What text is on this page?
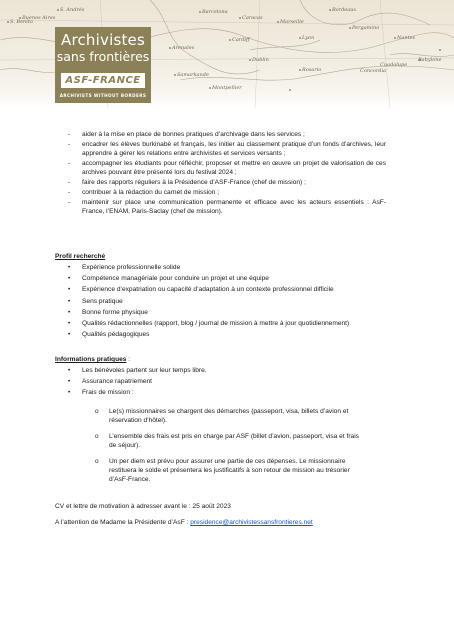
Buenos Aires
S. Andrés	Barcelona
Caracas
Marseille
Lyon
Bordeaux
Pergamino
Nantes
S. Benito
Arenales
Samarkande
Montpellier
Rosario
Cardiff
Dublin
Concordia
Cuadalupe
Babylone
Archivistes
sans frontières
ASF-FRANCE
ARCHIVISTS WITHOUT BORDERS
- aider à la mise en place de bonnes pratiques d’archivage dans les services ;
- encadrer les élèves burkinabè et français, les initier au classement pratique d’un fonds d’archives, leur apprendre à gérer les relations entre archivistes et services versants ;
- accompagner les étudiants pour réfléchir, proposer et mettre en œuvre un projet de valorisation de ces archives pouvant être présenté lors du festival 2024 ;
- faire des rapports réguliers à la Présidence d’ASF-France (chef de mission) ;
- contribuer à la rédaction du carnet de mission ;
- maintenir sur place une communication permanente et efficace avec les acteurs essentiels : AsF-France, l’ENAM, Paris-Saclay (chef de mission).
Profil recherché
• Expérience professionnelle solide
• Compétence managériale pour conduire un projet et une équipe
• Expérience d’expatriation ou capacité d’adaptation à un contexte professionnel difficile
• Sens pratique
• Bonne forme physique
• Qualités rédactionnelles (rapport, blog / journal de mission à mettre à jour quotidiennement)
• Qualités pédagogiques
Informations pratiques :
• Les bénévoles partent sur leur temps libre.
• Assurance rapatriement
• Frais de mission :
o Le(s) missionnaires se chargent des démarches (passeport, visa, billets d’avion et réservation d’hôtel).
o L’ensemble des frais est pris en charge par ASF (billet d’avion, passeport, visa et frais de séjour).
o Un per diem est prévu pour assurer une partie de ces dépenses. Le missionnaire restituera le solde et présentera les justificatifs à son retour de mission au trésorier d’AsF-France.
CV et lettre de motivation à adresser avant le : 25 août 2023
A l’attention de Madame la Présidente d’AsF : presidence@archivistessansfrontieres.net
